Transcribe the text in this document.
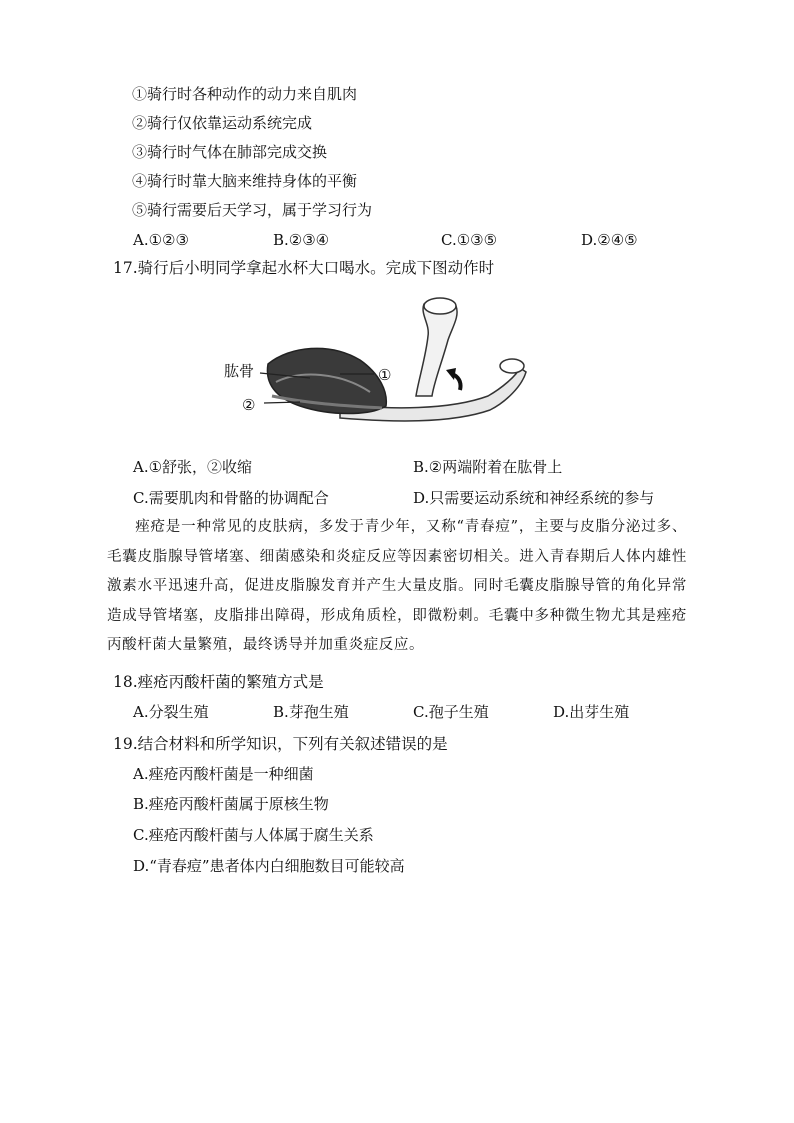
①骑行时各种动作的动力来自肌肉
②骑行仅依靠运动系统完成
③骑行时气体在肺部完成交换
④骑行时靠大脑来维持身体的平衡
⑤骑行需要后天学习，属于学习行为
A.①②③	B.②③④	C.①③⑤	D.②④⑤
17.骑行后小明同学拿起水杯大口喝水。完成下图动作时
肱骨	①
②
A.①舒张，②收缩	B.②两端附着在肱骨上
C.需要肌肉和骨骼的协调配合	D.只需要运动系统和神经系统的参与
痤疮是一种常见的皮肤病，多发于青少年，又称“青春痘”，主要与皮脂分泌过多、毛囊皮脂腺导管堵塞、细菌感染和炎症反应等因素密切相关。进入青春期后人体内雄性激素水平迅速升高，促进皮脂腺发育并产生大量皮脂。同时毛囊皮脂腺导管的角化异常造成导管堵塞，皮脂排出障碍，形成角质栓，即微粉刺。毛囊中多种微生物尤其是痤疮丙酸杆菌大量繁殖，最终诱导并加重炎症反应。
18.痤疮丙酸杆菌的繁殖方式是
A.分裂生殖	B.芽孢生殖	C.孢子生殖	D.出芽生殖
19.结合材料和所学知识，下列有关叙述错误的是
A.痤疮丙酸杆菌是一种细菌
B.痤疮丙酸杆菌属于原核生物
C.痤疮丙酸杆菌与人体属于腐生关系
D.“青春痘”患者体内白细胞数目可能较高
